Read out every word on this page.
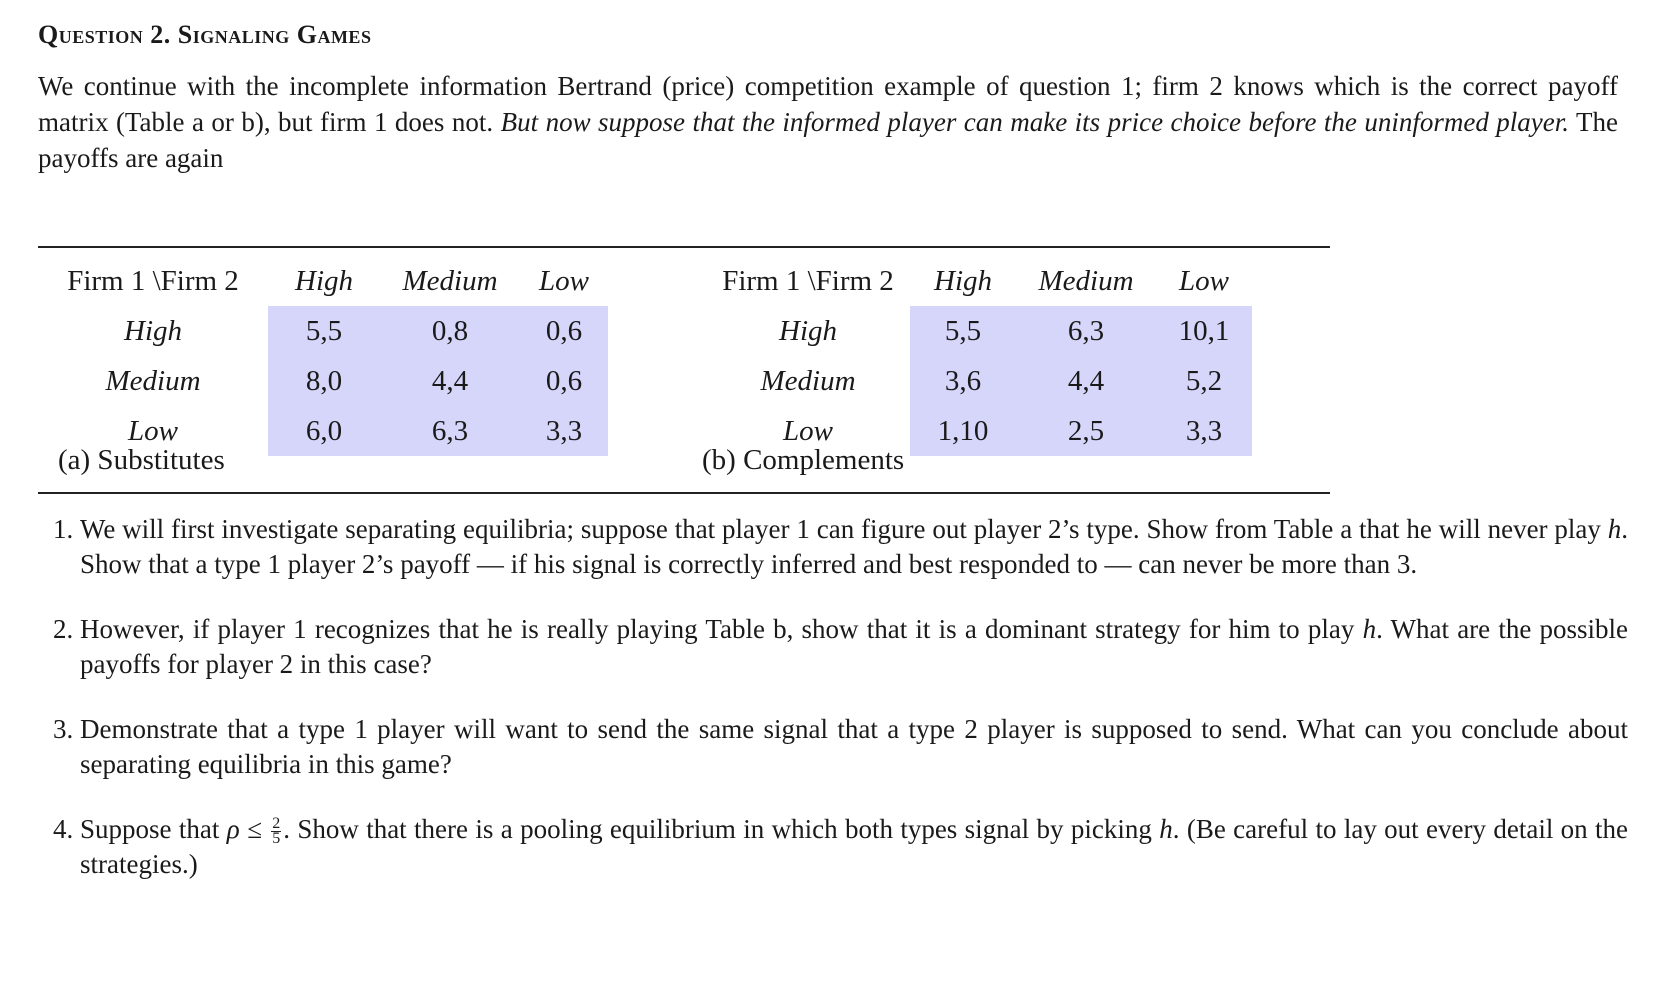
Question 2. Signaling Games

We continue with the incomplete information Bertrand (price) competition example of question 1; firm 2 knows which is the correct payoff matrix (Table a or b), but firm 1 does not. But now suppose that the informed player can make its price choice before the uninformed player. The payoffs are again

Firm 1 \Firm 2	High	Medium	Low
High	5,5	0,8	0,6
Medium	8,0	4,4	0,6
Low	6,0	6,3	3,3
(a) Substitutes
Firm 1 \Firm 2	High	Medium	Low
High	5,5	6,3	10,1
Medium	3,6	4,4	5,2
Low	1,10	2,5	3,3
(b) Complements
1. We will first investigate separating equilibria; suppose that player 1 can figure out player 2’s type. Show from Table a that he will never play h. Show that a type 1 player 2’s payoff — if his signal is correctly inferred and best responded to — can never be more than 3.
2. However, if player 1 recognizes that he is really playing Table b, show that it is a dominant strategy for him to play h. What are the possible payoffs for player 2 in this case?
3. Demonstrate that a type 1 player will want to send the same signal that a type 2 player is supposed to send. What can you conclude about separating equilibria in this game?
4. Suppose that $\rho \le \frac{2}{5}$ . Show that there is a pooling equilibrium in which both types signal by picking h. (Be careful to lay out every detail on the strategies.)
